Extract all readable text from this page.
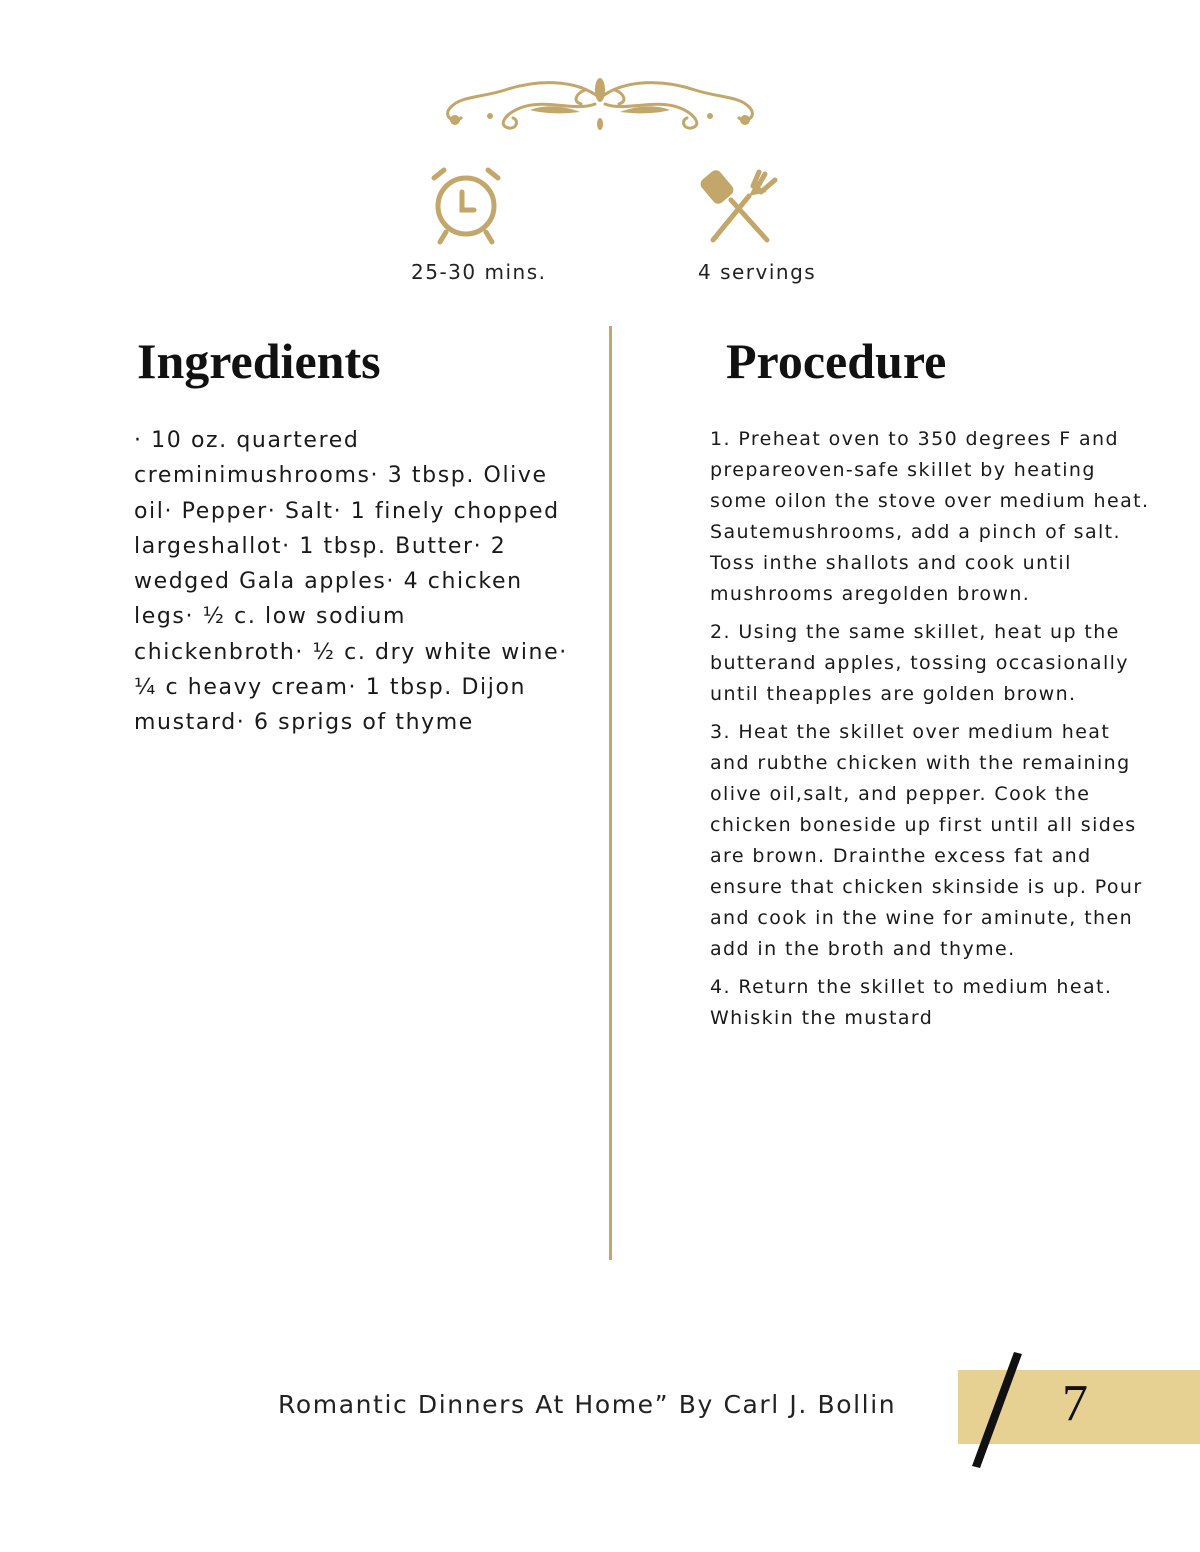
25-30 mins.	4 servings
Ingredients	Procedure

· 10 oz. quartered creminimushrooms· 3 tbsp. Olive oil· Pepper· Salt· 1 finely chopped largeshallot· 1 tbsp. Butter· 2 wedged Gala apples· 4 chicken legs· ½ c. low sodium chickenbroth· ½ c. dry white wine· ¼ c heavy cream· 1 tbsp. Dijon mustard· 6 sprigs of thyme

1. Preheat oven to 350 degrees F and prepareoven-safe skillet by heating some oilon the stove over medium heat. Sautemushrooms, add a pinch of salt. Toss inthe shallots and cook until mushrooms aregolden brown.
2. Using the same skillet, heat up the butterand apples, tossing occasionally until theapples are golden brown.
3. Heat the skillet over medium heat and rubthe chicken with the remaining olive oil,salt, and pepper. Cook the chicken boneside up first until all sides are brown. Drainthe excess fat and ensure that chicken skinside is up. Pour and cook in the wine for aminute, then add in the broth and thyme.
4. Return the skillet to medium heat. Whiskin the mustard
Romantic Dinners At Home” By Carl J. Bollin	7
